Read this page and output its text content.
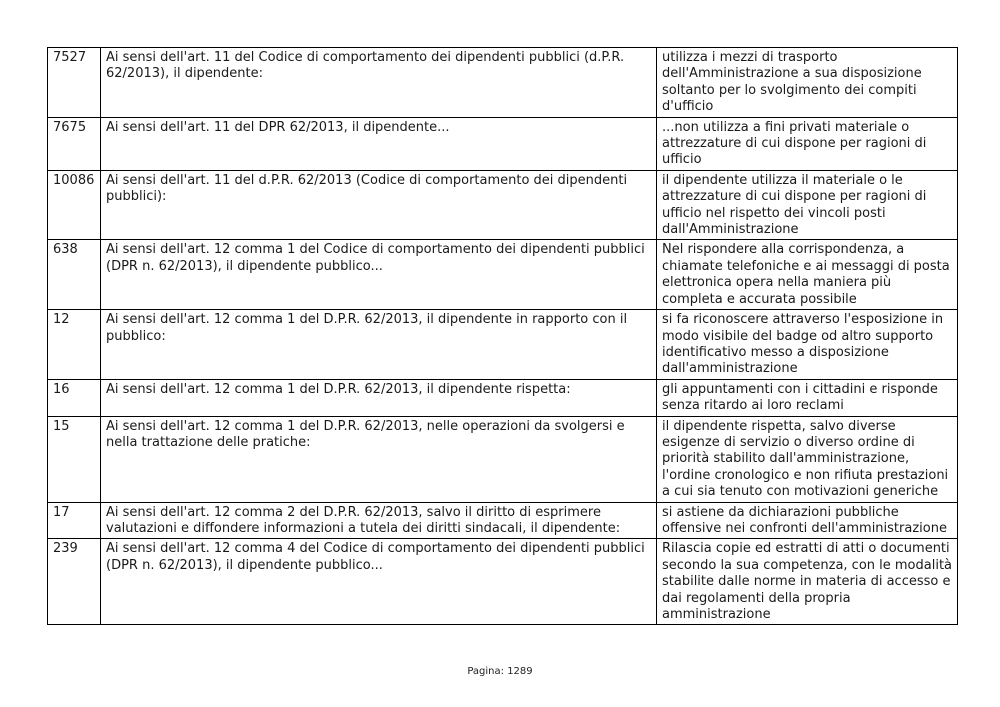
7527	Ai sensi dell'art. 11 del Codice di comportamento dei dipendenti pubblici (d.P.R. 62/2013), il dipendente:	utilizza i mezzi di trasporto dell'Amministrazione a sua disposizione soltanto per lo svolgimento dei compiti d'ufficio
7675	Ai sensi dell'art. 11 del DPR 62/2013, il dipendente...	...non utilizza a fini privati materiale o attrezzature di cui dispone per ragioni di ufficio
10086	Ai sensi dell'art. 11 del d.P.R. 62/2013 (Codice di comportamento dei dipendenti pubblici):	il dipendente utilizza il materiale o le attrezzature di cui dispone per ragioni di ufficio nel rispetto dei vincoli posti dall'Amministrazione
638	Ai sensi dell'art. 12 comma 1 del Codice di comportamento dei dipendenti pubblici (DPR n. 62/2013), il dipendente pubblico...	Nel rispondere alla corrispondenza, a chiamate telefoniche e ai messaggi di posta elettronica opera nella maniera più completa e accurata possibile
12	Ai sensi dell'art. 12 comma 1 del D.P.R. 62/2013, il dipendente in rapporto con il pubblico:	si fa riconoscere attraverso l'esposizione in modo visibile del badge od altro supporto identificativo messo a disposizione dall'amministrazione
16	Ai sensi dell'art. 12 comma 1 del D.P.R. 62/2013, il dipendente rispetta:	gli appuntamenti con i cittadini e risponde senza ritardo ai loro reclami
15	Ai sensi dell'art. 12 comma 1 del D.P.R. 62/2013, nelle operazioni da svolgersi e nella trattazione delle pratiche:	il dipendente rispetta, salvo diverse esigenze di servizio o diverso ordine di priorità stabilito dall'amministrazione, l'ordine cronologico e non rifiuta prestazioni a cui sia tenuto con motivazioni generiche
17	Ai sensi dell'art. 12 comma 2 del D.P.R. 62/2013, salvo il diritto di esprimere valutazioni e diffondere informazioni a tutela dei diritti sindacali, il dipendente:	si astiene da dichiarazioni pubbliche offensive nei confronti dell'amministrazione
239	Ai sensi dell'art. 12 comma 4 del Codice di comportamento dei dipendenti pubblici (DPR n. 62/2013), il dipendente pubblico...	Rilascia copie ed estratti di atti o documenti secondo la sua competenza, con le modalità stabilite dalle norme in materia di accesso e dai regolamenti della propria amministrazione
Pagina: 1289
